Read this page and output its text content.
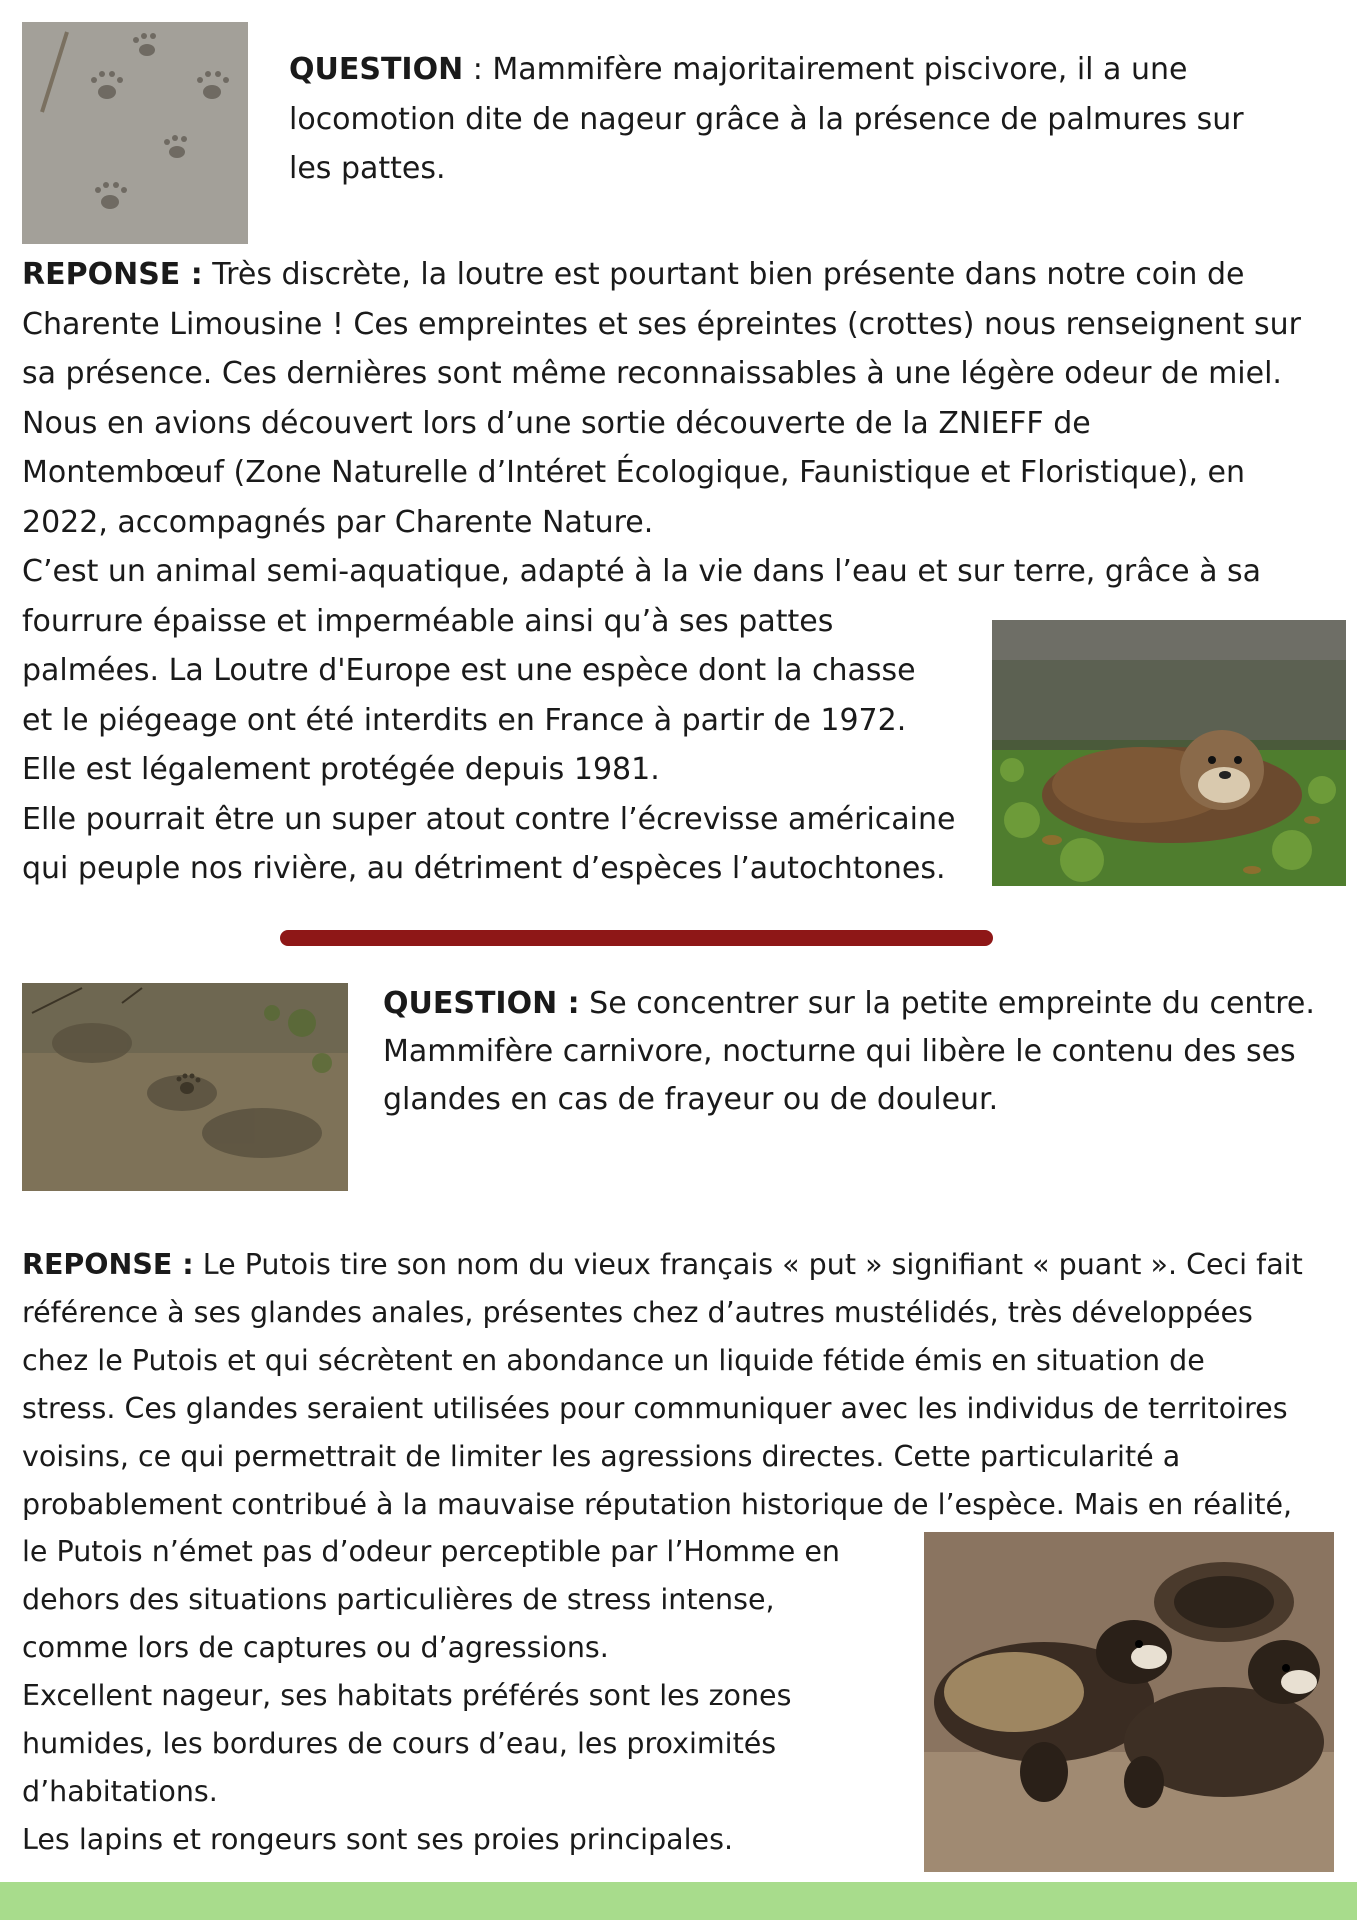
QUESTION : Mammifère majoritairement piscivore, il a une

locomotion dite de nageur grâce à la présence de palmures sur

les pattes.

REPONSE : Très discrète, la loutre est pourtant bien présente dans notre coin de

Charente Limousine ! Ces empreintes et ses épreintes (crottes) nous renseignent sur

sa présence. Ces dernières sont même reconnaissables à une légère odeur de miel.

Nous en avions découvert lors d’une sortie découverte de la ZNIEFF de

Montembœuf (Zone Naturelle d’Intéret Écologique, Faunistique et Floristique), en

2022, accompagnés par Charente Nature.

C’est un animal semi-aquatique, adapté à la vie dans l’eau et sur terre, grâce à sa

fourrure épaisse et imperméable ainsi qu’à ses pattes

palmées. La Loutre d'Europe est une espèce dont la chasse

et le piégeage ont été interdits en France à partir de 1972.

Elle est légalement protégée depuis 1981.

Elle pourrait être un super atout contre l’écrevisse américaine

qui peuple nos rivière, au détriment d’espèces l’autochtones.

QUESTION : Se concentrer sur la petite empreinte du centre.

Mammifère carnivore, nocturne qui libère le contenu des ses

glandes en cas de frayeur ou de douleur.

REPONSE : Le Putois tire son nom du vieux français « put » signifiant « puant ». Ceci fait

référence à ses glandes anales, présentes chez d’autres mustélidés, très développées

chez le Putois et qui sécrètent en abondance un liquide fétide émis en situation de

stress. Ces glandes seraient utilisées pour communiquer avec les individus de territoires

voisins, ce qui permettrait de limiter les agressions directes. Cette particularité a

probablement contribué à la mauvaise réputation historique de l’espèce. Mais en réalité,

le Putois n’émet pas d’odeur perceptible par l’Homme en

dehors des situations particulières de stress intense,

comme lors de captures ou d’agressions.

Excellent nageur, ses habitats préférés sont les zones

humides, les bordures de cours d’eau, les proximités

d’habitations.

Les lapins et rongeurs sont ses proies principales.
